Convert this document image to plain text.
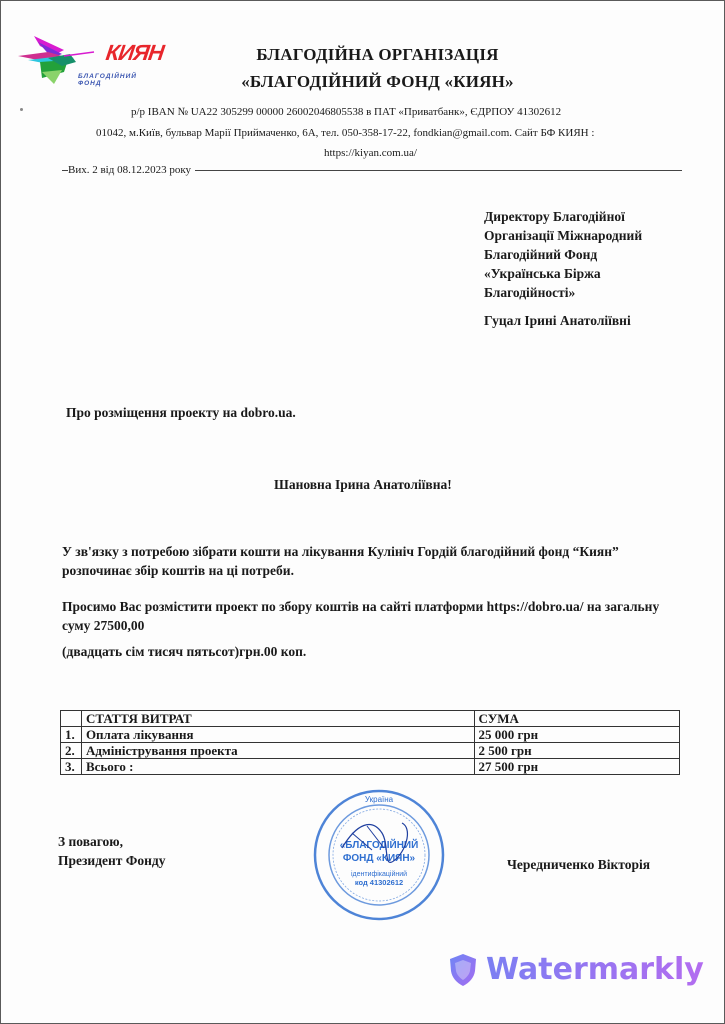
КИЯН
БЛАГОДІЙНИЙ ФОНД
БЛАГОДІЙНА ОРГАНІЗАЦІЯ
«БЛАГОДІЙНИЙ ФОНД «КИЯН»
р/р IBAN № UA22 305299 00000 26002046805538 в ПАТ «Приватбанк», ЄДРПОУ 41302612
01042, м.Київ, бульвар Марії Приймаченко, 6А, тел. 050-358-17-22, fondkian@gmail.com. Сайт БФ КИЯН :
https://kiyan.com.ua/
Вих. 2 від 08.12.2023 року
Директору Благодійної
Організації Міжнародний
Благодійний Фонд
«Українська Біржа
Благодійності»
Гуцал Ірині Анатоліївні
Про розміщення проекту на dobro.ua.
Шановна Ірина Анатоліївна!
У зв'язку з потребою зібрати кошти на лікування Кулініч Гордій благодійний фонд “Киян” розпочинає збір коштів на ці потреби.
Просимо Вас розмістити проект по збору коштів на сайті платформи https://dobro.ua/ на загальну суму 27500,00
(двадцать сім тисяч пятьсот)грн.00 коп.
	СТАТТЯ ВИТРАТ	СУМА
1.	Оплата лікування	25 000 грн
2.	Адміністрування проекта	2 500 грн
3.	Всього :	27 500 грн
З повагою,
Президент Фонду	Чередниченко Вікторія
Україна
«БЛАГОДІЙНИЙ
ФОНД «КИЯН»
ідентифікаційний
код 41302612
Watermarkly
